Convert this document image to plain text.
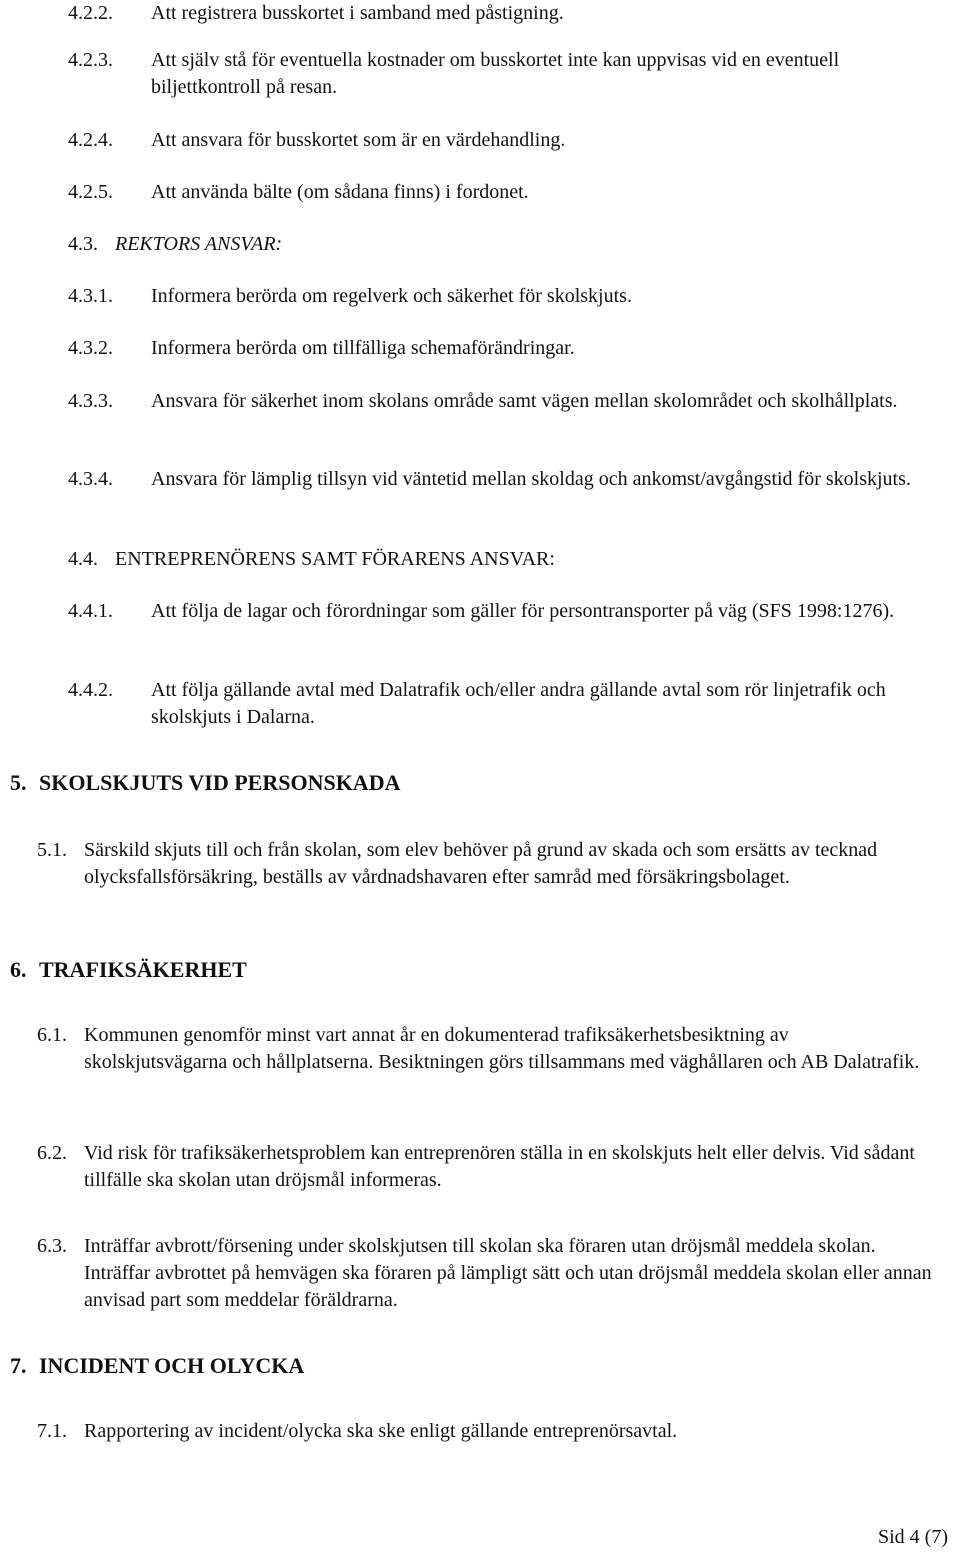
4.2.2.	Att registrera busskortet i samband med påstigning.
4.2.3.	Att själv stå för eventuella kostnader om busskortet inte kan uppvisas vid en eventuell biljettkontroll på resan.
4.2.4.	Att ansvara för busskortet som är en värdehandling.
4.2.5.	Att använda bälte (om sådana finns) i fordonet.
4.3. REKTORS ANSVAR:
4.3.1.	Informera berörda om regelverk och säkerhet för skolskjuts.
4.3.2.	Informera berörda om tillfälliga schemaförändringar.
4.3.3.	Ansvara för säkerhet inom skolans område samt vägen mellan skolområdet och skolhållplats.
4.3.4.	Ansvara för lämplig tillsyn vid väntetid mellan skoldag och ankomst/avgångstid för skolskjuts.
4.4. ENTREPRENÖRENS SAMT FÖRARENS ANSVAR:
4.4.1.	Att följa de lagar och förordningar som gäller för persontransporter på väg (SFS 1998:1276).
4.4.2.	Att följa gällande avtal med Dalatrafik och/eller andra gällande avtal som rör linjetrafik och skolskjuts i Dalarna.
5. SKOLSKJUTS VID PERSONSKADA
5.1. Särskild skjuts till och från skolan, som elev behöver på grund av skada och som ersätts av tecknad olycksfallsförsäkring, beställs av vårdnadshavaren efter samråd med försäkringsbolaget.
6. TRAFIKSÄKERHET
6.1. Kommunen genomför minst vart annat år en dokumenterad trafiksäkerhetsbesiktning av skolskjutsvägarna och hållplatserna. Besiktningen görs tillsammans med väghållaren och AB Dalatrafik.
6.2. Vid risk för trafiksäkerhetsproblem kan entreprenören ställa in en skolskjuts helt eller delvis. Vid sådant tillfälle ska skolan utan dröjsmål informeras.
6.3. Inträffar avbrott/försening under skolskjutsen till skolan ska föraren utan dröjsmål meddela skolan. Inträffar avbrottet på hemvägen ska föraren på lämpligt sätt och utan dröjsmål meddela skolan eller annan anvisad part som meddelar föräldrarna.
7. INCIDENT OCH OLYCKA
7.1. Rapportering av incident/olycka ska ske enligt gällande entreprenörsavtal.
Sid 4 (7)
